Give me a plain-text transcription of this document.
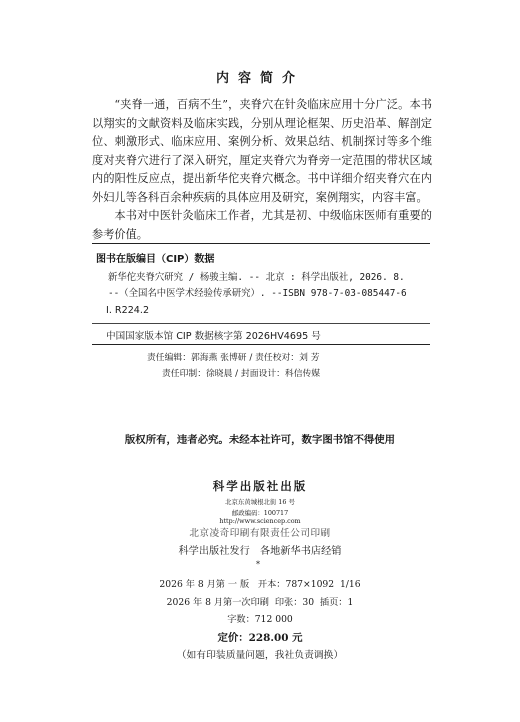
内容简介

“夹脊一通，百病不生”，夹脊穴在针灸临床应用十分广泛。本书以翔实的文献资料及临床实践，分别从理论框架、历史沿革、解剖定位、刺激形式、临床应用、案例分析、效果总结、机制探讨等多个维度对夹脊穴进行了深入研究，厘定夹脊穴为脊旁一定范围的带状区域内的阳性反应点，提出新华佗夹脊穴概念。书中详细介绍夹脊穴在内外妇儿等各科百余种疾病的具体应用及研究，案例翔实，内容丰富。

本书对中医针灸临床工作者，尤其是初、中级临床医师有重要的参考价值。

图书在版编目（CIP）数据
新华佗夹脊穴研究 / 杨骏主编. -- 北京 : 科学出版社, 2026. 8.
--（全国名中医学术经验传承研究）. --ISBN 978-7-03-085447-6
Ⅰ. R224.2
中国国家版本馆 CIP 数据核字第 2026HV4695 号
责任编辑：郭海燕 张博研 / 责任校对：刘 芳
责任印制：徐晓晨 / 封面设计：科信传媒
版权所有，违者必究。未经本社许可，数字图书馆不得使用
科学出版社出版
北京东黄城根北街 16 号
邮政编码：100717
http://www.sciencep.com
北京凌奇印刷有限责任公司印刷
科学出版社发行　各地新华书店经销
*
2026 年 8 月第 一 版   开本：787×1092  1/16
2026 年 8 月第一次印刷  印张：30  插页：1
字数：712 000
定价：228.00 元
（如有印装质量问题，我社负责调换）
